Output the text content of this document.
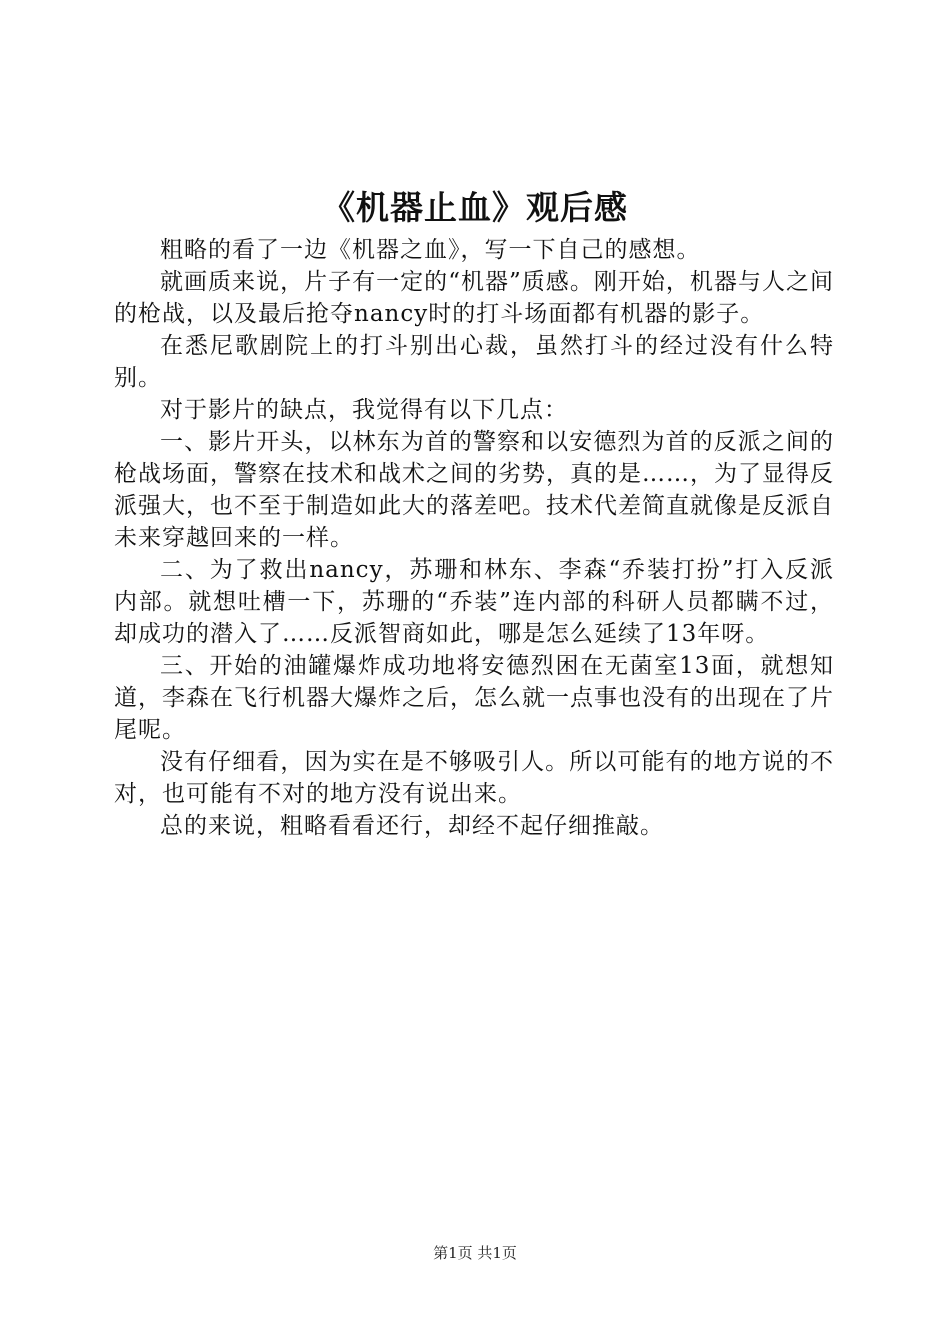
《机器止血》观后感

粗略的看了一边《机器之血》，写一下自己的感想。

就画质来说，片子有一定的“机器”质感。刚开始，机器与人之间的枪战，以及最后抢夺nancy时的打斗场面都有机器的影子。

在悉尼歌剧院上的打斗别出心裁，虽然打斗的经过没有什么特别。

对于影片的缺点，我觉得有以下几点：

一、影片开头，以林东为首的警察和以安德烈为首的反派之间的枪战场面，警察在技术和战术之间的劣势，真的是……，为了显得反派强大，也不至于制造如此大的落差吧。技术代差简直就像是反派自未来穿越回来的一样。

二、为了救出nancy，苏珊和林东、李森“乔装打扮”打入反派内部。就想吐槽一下，苏珊的“乔装”连内部的科研人员都瞒不过，却成功的潜入了……反派智商如此，哪是怎么延续了13年呀。

三、开始的油罐爆炸成功地将安德烈困在无菌室13面，就想知道，李森在飞行机器大爆炸之后，怎么就一点事也没有的出现在了片尾呢。

没有仔细看，因为实在是不够吸引人。所以可能有的地方说的不对，也可能有不对的地方没有说出来。

总的来说，粗略看看还行，却经不起仔细推敲。

第1页 共1页
